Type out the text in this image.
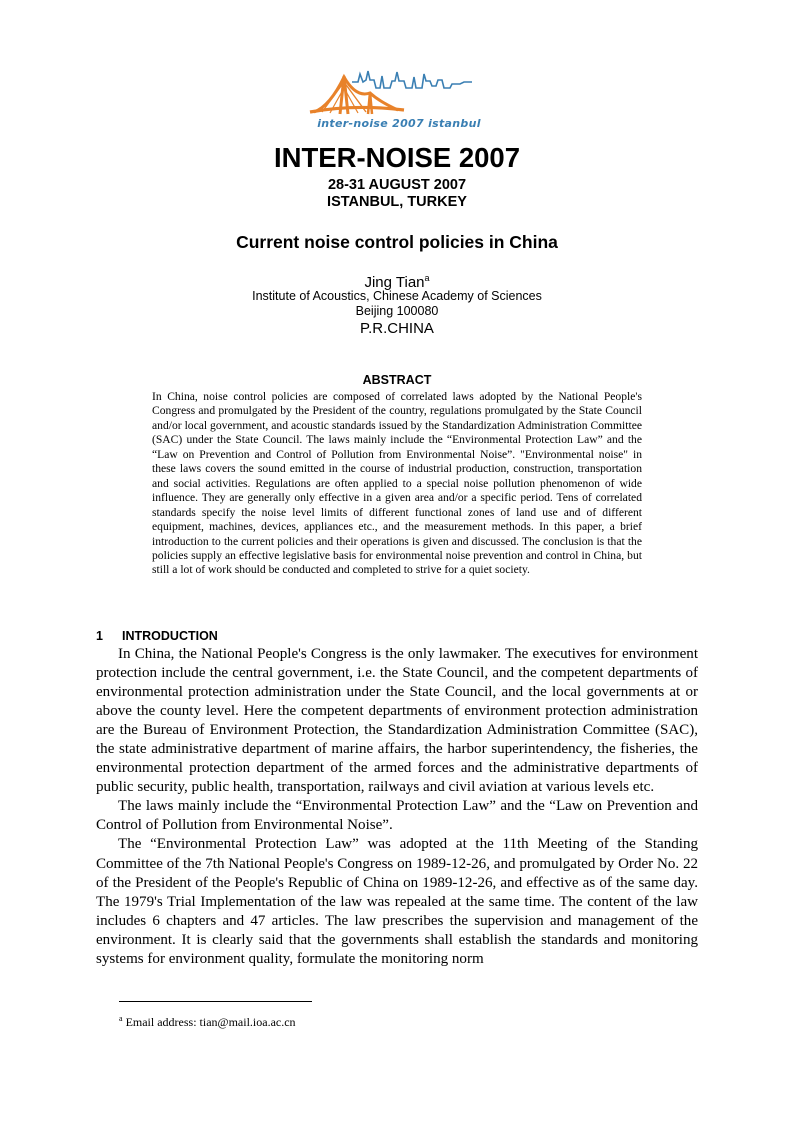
inter-noise 2007 istanbul
INTER-NOISE 2007
28-31 AUGUST 2007
ISTANBUL, TURKEY
Current noise control policies in China
Jing Tian$^a$
Institute of Acoustics, Chinese Academy of Sciences
Beijing 100080
P.R.CHINA
ABSTRACT

In China, noise control policies are composed of correlated laws adopted by the National People's Congress and promulgated by the President of the country, regulations promulgated by the State Council and/or local government, and acoustic standards issued by the Standardization Administration Committee (SAC) under the State Council. The laws mainly include the “Environmental Protection Law” and the “Law on Prevention and Control of Pollution from Environmental Noise”. "Environmental noise" in these laws covers the sound emitted in the course of industrial production, construction, transportation and social activities. Regulations are often applied to a special noise pollution phenomenon of wide influence. They are generally only effective in a given area and/or a specific period. Tens of correlated standards specify the noise level limits of different functional zones of land use and of different equipment, machines, devices, appliances etc., and the measurement methods. In this paper, a brief introduction to the current policies and their operations is given and discussed. The conclusion is that the policies supply an effective legislative basis for environmental noise prevention and control in China, but still a lot of work should be conducted and completed to strive for a quiet society.

1 INTRODUCTION

In China, the National People's Congress is the only lawmaker. The executives for environment protection include the central government, i.e. the State Council, and the competent departments of environmental protection administration under the State Council, and the local governments at or above the county level. Here the competent departments of environment protection administration are the Bureau of Environment Protection, the Standardization Administration Committee (SAC), the state administrative department of marine affairs, the harbor superintendency, the fisheries, the environmental protection department of the armed forces and the administrative departments of public security, public health, transportation, railways and civil aviation at various levels etc.

The laws mainly include the “Environmental Protection Law” and the “Law on Prevention and Control of Pollution from Environmental Noise”.

The “Environmental Protection Law” was adopted at the 11th Meeting of the Standing Committee of the 7th National People's Congress on 1989-12-26, and promulgated by Order No. 22 of the President of the People's Republic of China on 1989-12-26, and effective as of the same day. The 1979's Trial Implementation of the law was repealed at the same time. The content of the law includes 6 chapters and 47 articles. The law prescribes the supervision and management of the environment. It is clearly said that the governments shall establish the standards and monitoring systems for environment quality, formulate the monitoring norm

$^a$ Email address: tian@mail.ioa.ac.cn
